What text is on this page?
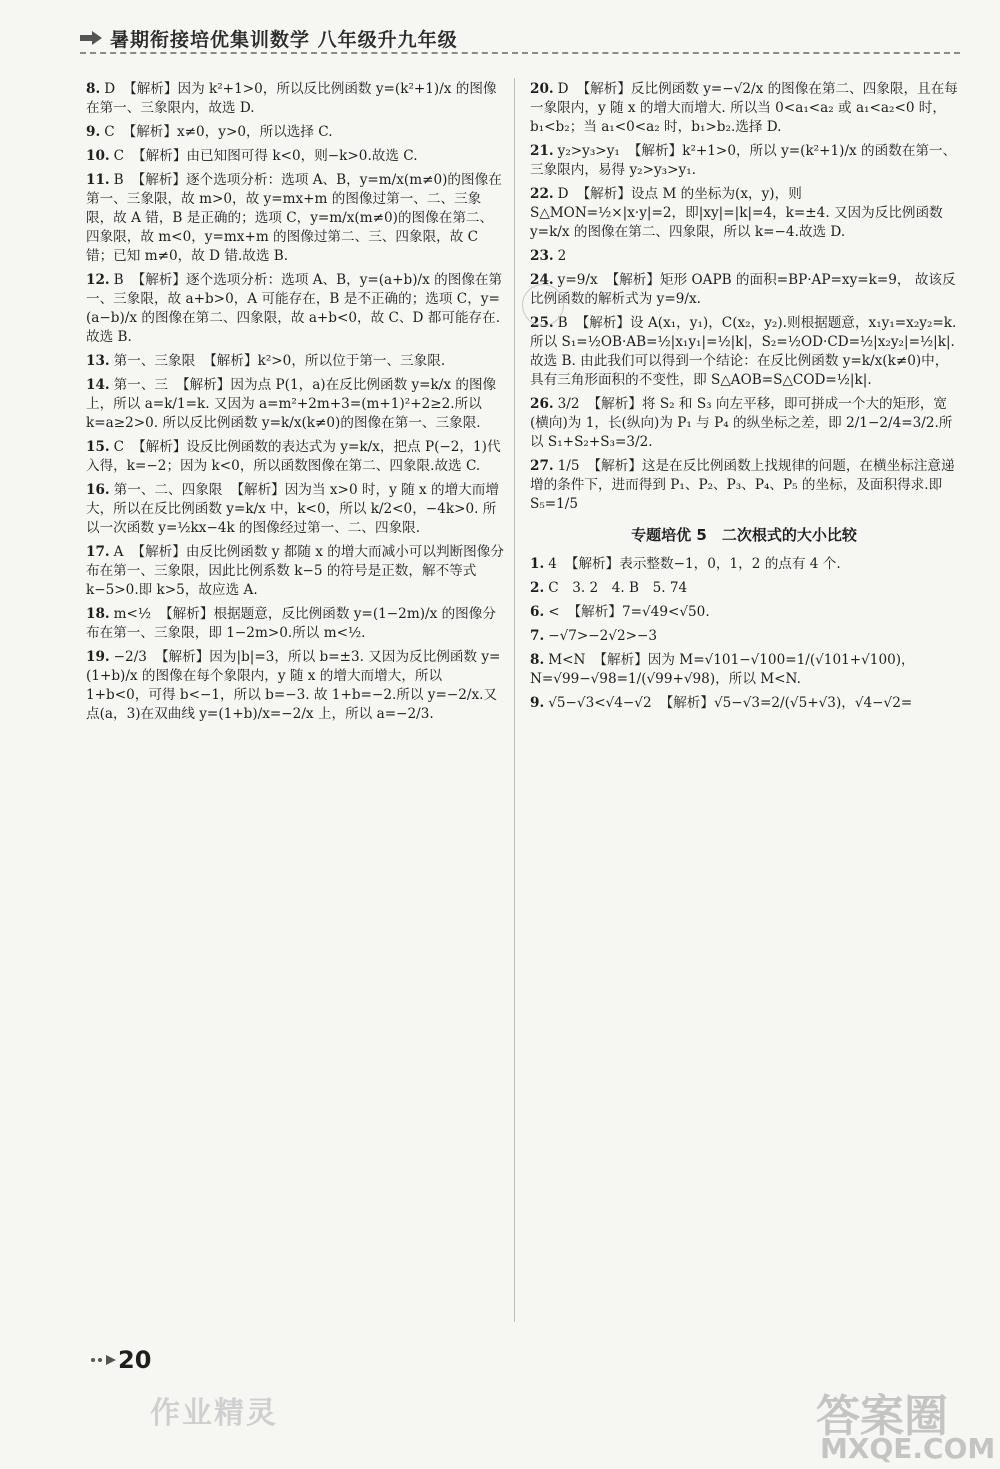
暑期衔接培优集训数学 八年级升九年级
8. D 【解析】因为 k²+1>0，所以反比例函数 y=(k²+1)/x 的图像在第一、三象限内，故选 D.
9. C 【解析】x≠0，y>0，所以选择 C.
10. C 【解析】由已知图可得 k<0，则−k>0.故选 C.
11. B 【解析】逐个选项分析：选项 A、B，y=m/x(m≠0)的图像在第一、三象限，故 m>0，故 y=mx+m 的图像过第一、二、三象限，故 A 错，B 是正确的；选项 C，y=m/x(m≠0)的图像在第二、四象限，故 m<0，y=mx+m 的图像过第二、三、四象限，故 C 错；已知 m≠0，故 D 错.故选 B.
12. B 【解析】逐个选项分析：选项 A、B，y=(a+b)/x 的图像在第一、三象限，故 a+b>0，A 可能存在，B 是不正确的；选项 C，y=(a−b)/x 的图像在第二、四象限，故 a+b<0，故 C、D 都可能存在.故选 B.
13. 第一、三象限 【解析】k²>0，所以位于第一、三象限.
14. 第一、三 【解析】因为点 P(1，a)在反比例函数 y=k/x 的图像上，所以 a=k/1=k. 又因为 a=m²+2m+3=(m+1)²+2≥2.所以 k=a≥2>0. 所以反比例函数 y=k/x(k≠0)的图像在第一、三象限.
15. C 【解析】设反比例函数的表达式为 y=k/x，把点 P(−2，1)代入得，k=−2；因为 k<0，所以函数图像在第二、四象限.故选 C.
16. 第一、二、四象限 【解析】因为当 x>0 时，y 随 x 的增大而增大，所以在反比例函数 y=k/x 中，k<0，所以 k/2<0，−4k>0. 所以一次函数 y=½kx−4k 的图像经过第一、二、四象限.
17. A 【解析】由反比例函数 y 都随 x 的增大而减小可以判断图像分布在第一、三象限，因此比例系数 k−5 的符号是正数，解不等式 k−5>0.即 k>5，故应选 A.
18. m<½ 【解析】根据题意，反比例函数 y=(1−2m)/x 的图像分布在第一、三象限，即 1−2m>0.所以 m<½.
19. −2/3 【解析】因为|b|=3，所以 b=±3. 又因为反比例函数 y=(1+b)/x 的图像在每个象限内，y 随 x 的增大而增大，所以 1+b<0，可得 b<−1，所以 b=−3. 故 1+b=−2.所以 y=−2/x.又点(a，3)在双曲线 y=(1+b)/x=−2/x 上，所以 a=−2/3.
20. D 【解析】反比例函数 y=−√2/x 的图像在第二、四象限，且在每一象限内，y 随 x 的增大而增大. 所以当 0<a₁<a₂ 或 a₁<a₂<0 时，b₁<b₂；当 a₁<0<a₂ 时，b₁>b₂.选择 D.
21. y₂>y₃>y₁ 【解析】k²+1>0，所以 y=(k²+1)/x 的函数在第一、三象限内，易得 y₂>y₃>y₁.
22. D 【解析】设点 M 的坐标为(x，y)，则 S△MON=½×|x·y|=2，即|xy|=|k|=4，k=±4. 又因为反比例函数 y=k/x 的图像在第二、四象限，所以 k=−4.故选 D.
23. 2
24. y=9/x 【解析】矩形 OAPB 的面积=BP·AP=xy=k=9， 故该反比例函数的解析式为 y=9/x.
25. B 【解析】设 A(x₁，y₁)，C(x₂，y₂).则根据题意，x₁y₁=x₂y₂=k. 所以 S₁=½OB·AB=½|x₁y₁|=½|k|，S₂=½OD·CD=½|x₂y₂|=½|k|.故选 B. 由此我们可以得到一个结论：在反比例函数 y=k/x(k≠0)中，具有三角形面积的不变性，即 S△AOB=S△COD=½|k|.
26. 3/2 【解析】将 S₂ 和 S₃ 向左平移，即可拼成一个大的矩形，宽(横向)为 1，长(纵向)为 P₁ 与 P₄ 的纵坐标之差，即 2/1−2/4=3/2.所以 S₁+S₂+S₃=3/2.
27. 1/5 【解析】这是在反比例函数上找规律的问题，在横坐标注意递增的条件下，进而得到 P₁、P₂、P₃、P₄、P₅ 的坐标，及面积得求.即 S₅=1/5
专题培优 5　二次根式的大小比较
1. 4 【解析】表示整数−1，0，1，2 的点有 4 个.
2. C　3. 2　4. B　5. 74
6. < 【解析】7=√49<√50.
7. −√7>−2√2>−3
8. M<N 【解析】因为 M=√101−√100=1/(√101+√100)，N=√99−√98=1/(√99+√98)，所以 M<N.
9. √5−√3<√4−√2 【解析】√5−√3=2/(√5+√3)，√4−√2=
20
作业精灵	答案圈
MXQE.COM
